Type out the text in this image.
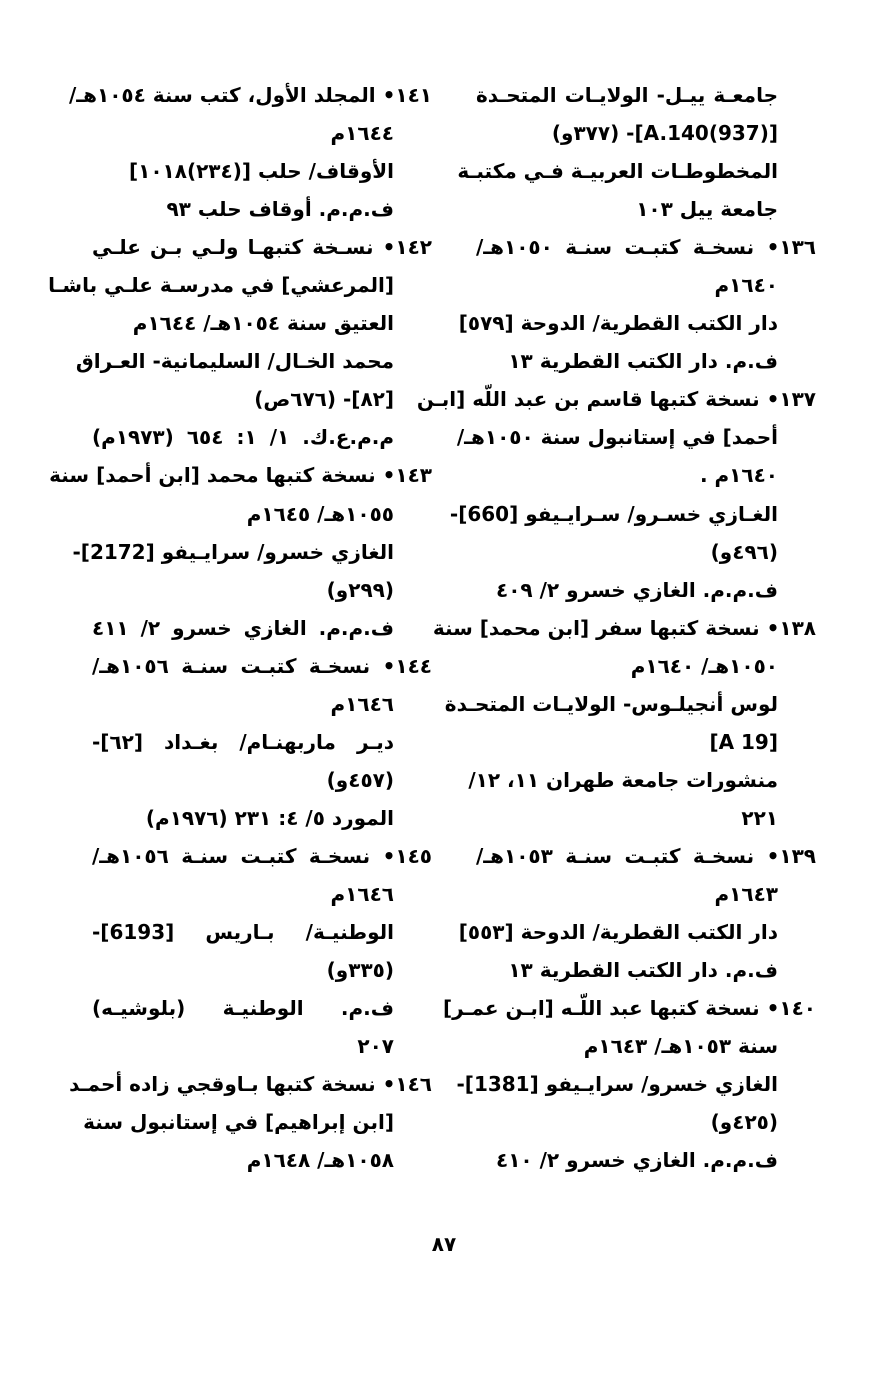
جامعـة ييـل- الولايـات المتحـدة
[(937)A.140]- (٣٧٧و)
المخطوطـات العربيـة فـي مكتبـة
جامعة ييل ١٠٣
١٣٦• نسخـة كتبـت سنـة ١٠٥٠هـ/
١٦٤٠م
دار الكتب القطرية/ الدوحة [٥٧٩]
ف.م. دار الكتب القطرية ١٣
١٣٧• نسخة كتبها قاسم بن عبد اللّه [ابـن
أحمد] في إستانبول سنة ١٠٥٠هـ/
١٦٤٠م .
الغـازي خسـرو/ سـرايـيفو [660]-
(٤٩٦و)
ف.م.م. الغازي خسرو ٢/ ٤٠٩
١٣٨• نسخة كتبها سفر [ابن محمد] سنة
١٠٥٠هـ/ ١٦٤٠م
لوس أنجيلـوس- الولايـات المتحـدة
[A 19]
منشورات جامعة طهران ١١، ١٢/
٢٢١
١٣٩• نسخـة كتبـت سنـة ١٠٥٣هـ/
١٦٤٣م
دار الكتب القطرية/ الدوحة [٥٥٣]
ف.م. دار الكتب القطرية ١٣
١٤٠• نسخة كتبها عبد اللّـه [ابـن عمـر]
سنة ١٠٥٣هـ/ ١٦٤٣م
الغازي خسرو/ سرايـيفو [1381]-
(٤٢٥و)
ف.م.م. الغازي خسرو ٢/ ٤١٠
١٤١• المجلد الأول، كتب سنة ١٠٥٤هـ/
١٦٤٤م
الأوقاف/ حلب [(٢٣٤)١٠١٨]
ف.م.م. أوقاف حلب ٩٣
١٤٢• نسـخة كتبهـا ولـي بـن علـي
[المرعشي] في مدرسـة علـي باشـا
العتيق سنة ١٠٥٤هـ/ ١٦٤٤م
محمد الخـال/ السليمانية- العـراق
[٨٢]- (٦٧٦ص)
م.م.ع.ك. ١/ ١: ٦٥٤ (١٩٧٣م)
١٤٣• نسخة كتبها محمد [ابن أحمد] سنة
١٠٥٥هـ/ ١٦٤٥م
الغازي خسرو/ سرايـيفو [2172]-
(٢٩٩و)
ف.م.م. الغازي خسرو ٢/ ٤١١
١٤٤• نسخـة كتبـت سنـة ١٠٥٦هـ/
١٦٤٦م
ديـر ماربهنـام/ بغـداد [٦٢]-
(٤٥٧و)
المورد ٥/ ٤: ٢٣١ (١٩٧٦م)
١٤٥• نسخـة كتبـت سنـة ١٠٥٦هـ/
١٦٤٦م
الوطنيـة/ بـاريس [6193]-
(٣٣٥و)
ف.م. الوطنيـة (بلوشيـه)
٢٠٧
١٤٦• نسخة كتبها بـاوقجي زاده أحمـد
[ابن إبراهيم] في إستانبول سنة
١٠٥٨هـ/ ١٦٤٨م
٨٧
